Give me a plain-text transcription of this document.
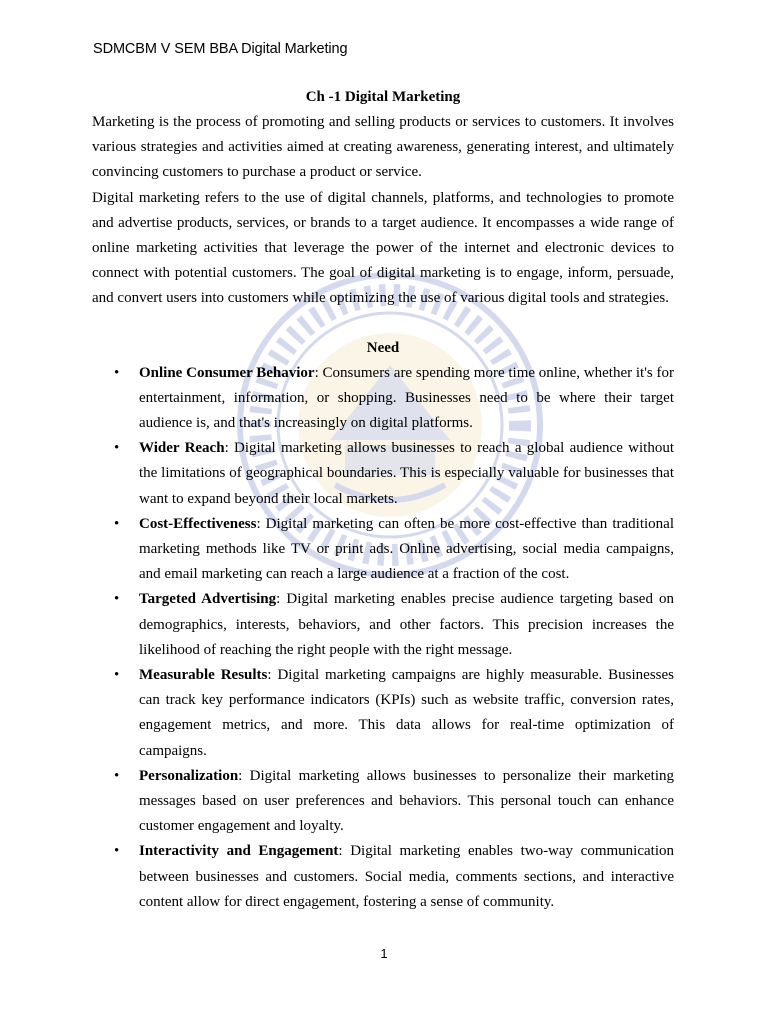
SDMCBM V SEM BBA Digital Marketing
Ch -1 Digital Marketing

Marketing is the process of promoting and selling products or services to customers. It involves various strategies and activities aimed at creating awareness, generating interest, and ultimately convincing customers to purchase a product or service.

Digital marketing refers to the use of digital channels, platforms, and technologies to promote and advertise products, services, or brands to a target audience. It encompasses a wide range of online marketing activities that leverage the power of the internet and electronic devices to connect with potential customers. The goal of digital marketing is to engage, inform, persuade, and convert users into customers while optimizing the use of various digital tools and strategies.

Need
• Online Consumer Behavior: Consumers are spending more time online, whether it's for entertainment, information, or shopping. Businesses need to be where their target audience is, and that's increasingly on digital platforms.
• Wider Reach: Digital marketing allows businesses to reach a global audience without the limitations of geographical boundaries. This is especially valuable for businesses that want to expand beyond their local markets.
• Cost-Effectiveness: Digital marketing can often be more cost-effective than traditional marketing methods like TV or print ads. Online advertising, social media campaigns, and email marketing can reach a large audience at a fraction of the cost.
• Targeted Advertising: Digital marketing enables precise audience targeting based on demographics, interests, behaviors, and other factors. This precision increases the likelihood of reaching the right people with the right message.
• Measurable Results: Digital marketing campaigns are highly measurable. Businesses can track key performance indicators (KPIs) such as website traffic, conversion rates, engagement metrics, and more. This data allows for real-time optimization of campaigns.
• Personalization: Digital marketing allows businesses to personalize their marketing messages based on user preferences and behaviors. This personal touch can enhance customer engagement and loyalty.
• Interactivity and Engagement: Digital marketing enables two-way communication between businesses and customers. Social media, comments sections, and interactive content allow for direct engagement, fostering a sense of community.
1
